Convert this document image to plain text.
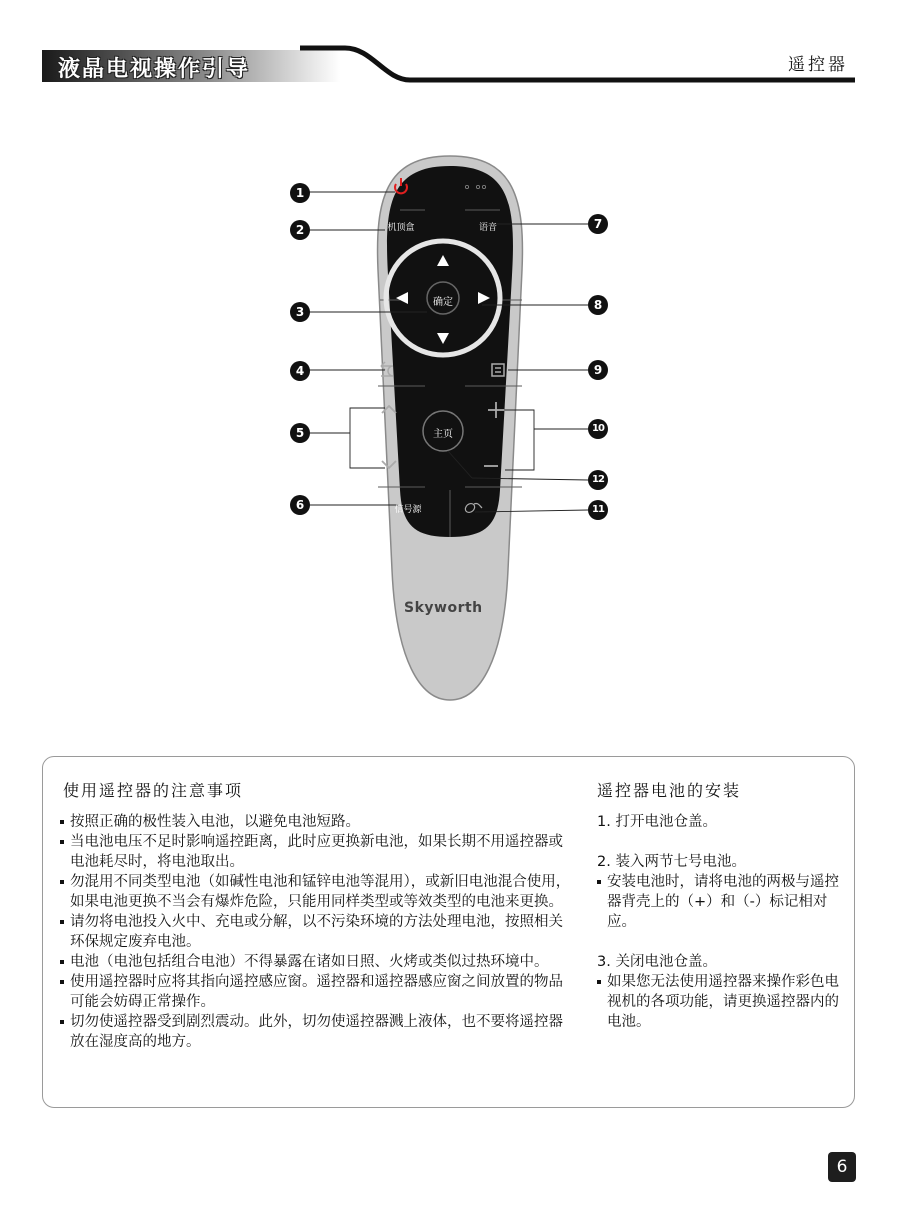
液晶电视操作引导	遥控器
机顶盒	语音
确定
主页
信号源
Skyworth
1
2
3
4
5
6
7
8
9
10
11
12
使用遥控器的注意事项
按照正确的极性装入电池，以避免电池短路。
当电池电压不足时影响遥控距离，此时应更换新电池，如果长期不用遥控器或电池耗尽时，将电池取出。
勿混用不同类型电池（如碱性电池和锰锌电池等混用），或新旧电池混合使用，如果电池更换不当会有爆炸危险，只能用同样类型或等效类型的电池来更换。
请勿将电池投入火中、充电或分解，以不污染环境的方法处理电池，按照相关环保规定废弃电池。
电池（电池包括组合电池）不得暴露在诸如日照、火烤或类似过热环境中。
使用遥控器时应将其指向遥控感应窗。遥控器和遥控器感应窗之间放置的物品可能会妨碍正常操作。
切勿使遥控器受到剧烈震动。此外，切勿使遥控器溅上液体，也不要将遥控器放在湿度高的地方。
遥控器电池的安装
1. 打开电池仓盖。
2. 装入两节七号电池。
安装电池时，请将电池的两极与遥控器背壳上的（+）和（-）标记相对应。
3. 关闭电池仓盖。
如果您无法使用遥控器来操作彩色电视机的各项功能，请更换遥控器内的电池。
6
